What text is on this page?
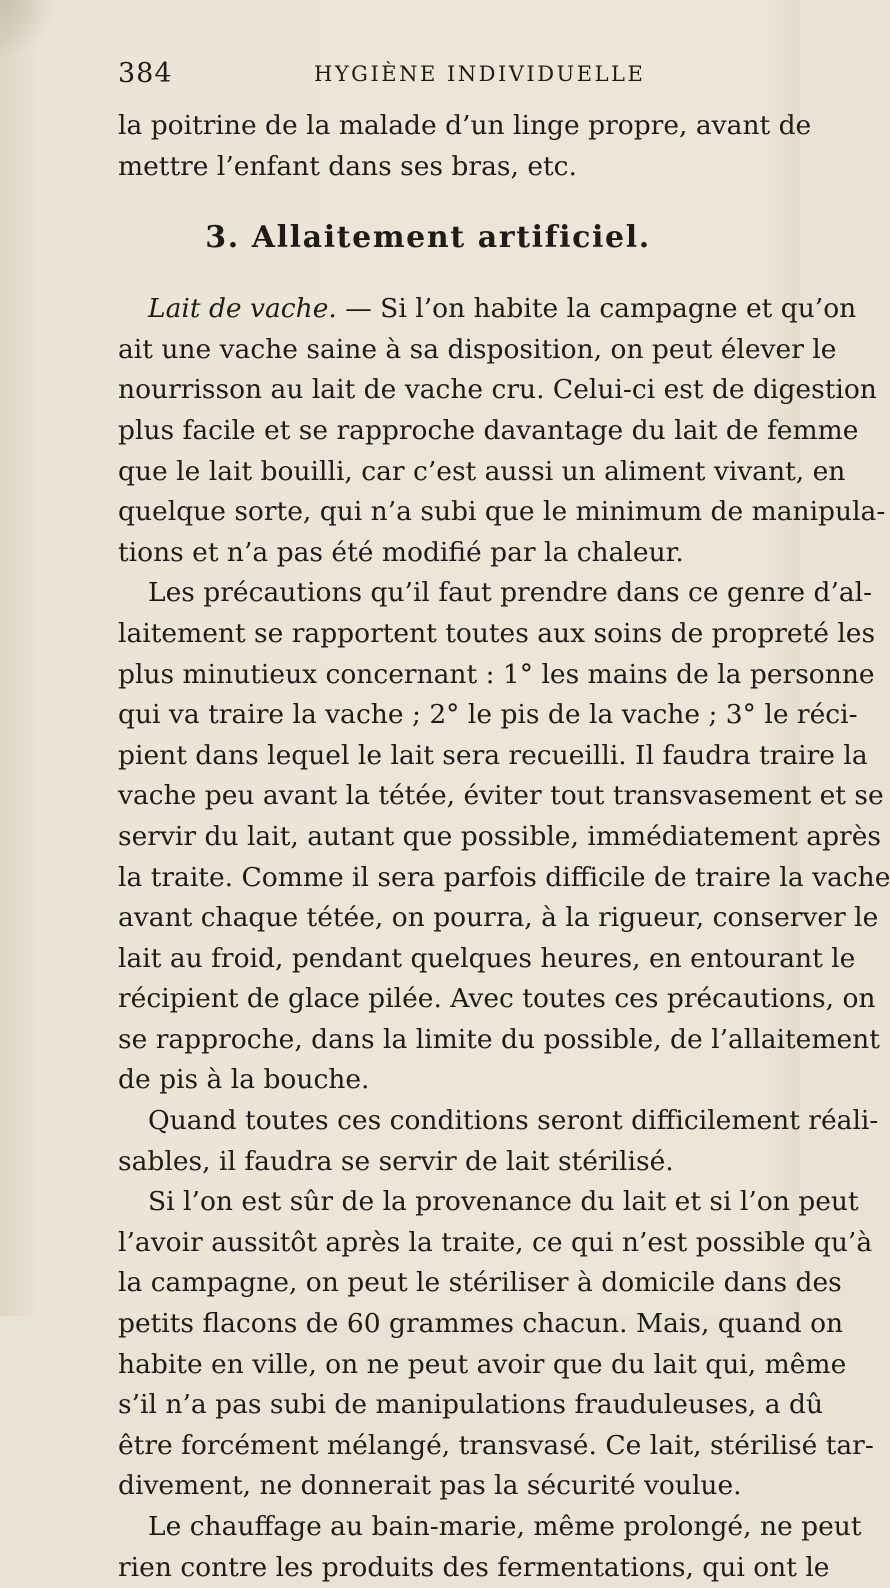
384	HYGIÈNE INDIVIDUELLE
la poitrine de la malade d’un linge propre, avant de
mettre l’enfant dans ses bras, etc.
3. Allaitement artificiel.
Lait de vache. — Si l’on habite la campagne et qu’on
ait une vache saine à sa disposition, on peut élever le
nourrisson au lait de vache cru. Celui-ci est de digestion
plus facile et se rapproche davantage du lait de femme
que le lait bouilli, car c’est aussi un aliment vivant, en
quelque sorte, qui n’a subi que le minimum de manipula-
tions et n’a pas été modifié par la chaleur.
Les précautions qu’il faut prendre dans ce genre d’al-
laitement se rapportent toutes aux soins de propreté les
plus minutieux concernant : 1° les mains de la personne
qui va traire la vache ; 2° le pis de la vache ; 3° le réci-
pient dans lequel le lait sera recueilli. Il faudra traire la
vache peu avant la tétée, éviter tout transvasement et se
servir du lait, autant que possible, immédiatement après
la traite. Comme il sera parfois difficile de traire la vache
avant chaque tétée, on pourra, à la rigueur, conserver le
lait au froid, pendant quelques heures, en entourant le
récipient de glace pilée. Avec toutes ces précautions, on
se rapproche, dans la limite du possible, de l’allaitement
de pis à la bouche.
Quand toutes ces conditions seront difficilement réali-
sables, il faudra se servir de lait stérilisé.
Si l’on est sûr de la provenance du lait et si l’on peut
l’avoir aussitôt après la traite, ce qui n’est possible qu’à
la campagne, on peut le stériliser à domicile dans des
petits flacons de 60 grammes chacun. Mais, quand on
habite en ville, on ne peut avoir que du lait qui, même
s’il n’a pas subi de manipulations frauduleuses, a dû
être forcément mélangé, transvasé. Ce lait, stérilisé tar-
divement, ne donnerait pas la sécurité voulue.
Le chauffage au bain-marie, même prolongé, ne peut
rien contre les produits des fermentations, qui ont le
